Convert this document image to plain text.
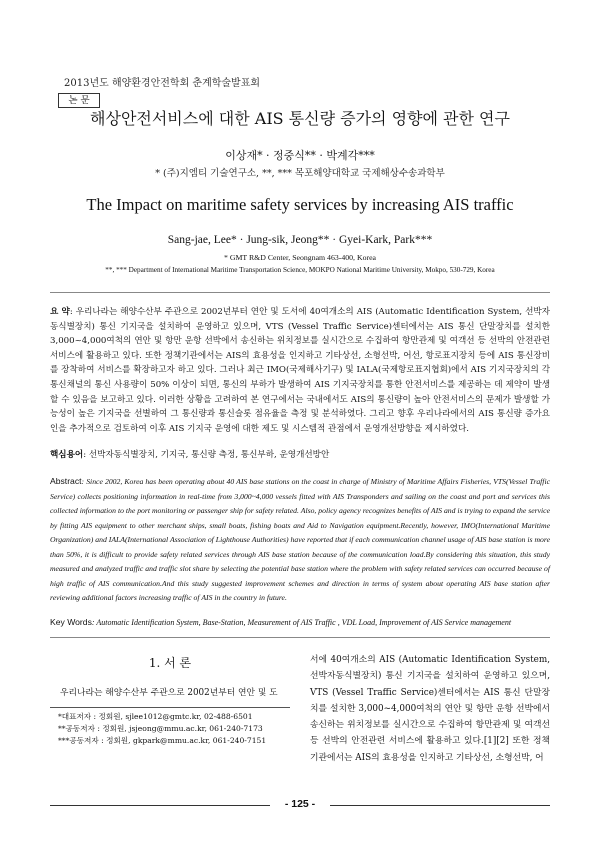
2013년도 해양환경안전학회 춘계학술발표회
논 문
해상안전서비스에 대한 AIS 통신량 증가의 영향에 관한 연구
이상재* · 정중식** · 박계각***
* (주)지엠티 기술연구소, **, *** 목포해양대학교 국제해상수송과학부
The Impact on maritime safety services by increasing AIS traffic
Sang-jae, Lee* · Jung-sik, Jeong** · Gyei-Kark, Park***
* GMT R&D Center, Seongnam 463-400, Korea
**, *** Department of International Maritime Transportation Science, MOKPO National Maritime University, Mokpo, 530-729, Korea
요 약: 우리나라는 해양수산부 주관으로 2002년부터 연안 및 도서에 40여개소의 AIS (Automatic Identification System, 선박자동식별장치) 통신 기지국을 설치하여 운영하고 있으며, VTS (Vessel Traffic Service)센터에서는 AIS 통신 단말장치를 설치한 3,000~4,000여척의 연안 및 항만 운항 선박에서 송신하는 위치정보를 실시간으로 수집하여 항만관제 및 여객선 등 선박의 안전관련 서비스에 활용하고 있다. 또한 정책기관에서는 AIS의 효용성을 인지하고 기타상선, 소형선박, 어선, 항로표지장치 등에 AIS 통신장비를 장착하여 서비스를 확장하고자 하고 있다. 그러나 최근 IMO(국제해사기구) 및 IALA(국제항로표지협회)에서 AIS 기지국장치의 각 통신채널의 통신 사용량이 50% 이상이 되면, 통신의 부하가 발생하여 AIS 기지국장치를 통한 안전서비스를 제공하는 데 제약이 발생할 수 있음을 보고하고 있다. 이러한 상황을 고려하여 본 연구에서는 국내에서도 AIS의 통신량이 높아 안전서비스의 문제가 발생할 가능성이 높은 기지국을 선별하여 그 통신량과 통신슬롯 점유율을 측정 및 분석하였다. 그리고 향후 우리나라에서의 AIS 통신량 증가요인을 추가적으로 검토하여 이후 AIS 기지국 운영에 대한 제도 및 시스템적 관점에서 운영개선방향을 제시하였다.
핵심용어: 선박자동식별장치, 기지국, 통신량 측정, 통신부하, 운영개선방안
Abstract: Since 2002, Korea has been operating about 40 AIS base stations on the coast in charge of Ministry of Maritime Affairs Fisheries, VTS(Vessel Traffic Service) collects positioning information in real-time from 3,000~4,000 vessels fitted with AIS Transponders and sailing on the coast and port and services this collected information to the port monitoring or passenger ship for safety related. Also, policy agency recognizes benefits of AIS and is trying to expand the service by fitting AIS equipment to other merchant ships, small boats, fishing boats and Aid to Navigation equipment.Recently, however, IMO(International Maritime Organization) and IALA(International Association of Lighthouse Authorities) have reported that if each communication channel usage of AIS base station is more than 50%, it is difficult to provide safety related services through AIS base station because of the communication load.By considering this situation, this study measured and analyzed traffic and traffic slot share by selecting the potential base station where the problem with safety related services can occurred because of high traffic of AIS communication.And this study suggested improvement schemes and direction in terms of system about operating AIS base station after reviewing additional factors increasing traffic of AIS in the country in future.
Key Words: Automatic Identification System, Base-Station, Measurement of AIS Traffic , VDL Load, Improvement of AIS Service management
1. 서 론
우리나라는 해양수산부 주관으로 2002년부터 연안 및 도
*대표저자 : 정회원, sjlee1012@gmtc.kr, 02-488-6501
**공동저자 : 정회원, jsjeong@mmu.ac.kr, 061-240-7173
***공동저자 : 정회원, gkpark@mmu.ac.kr, 061-240-7151
서에 40여개소의 AIS (Automatic Identification System, 선박자동식별장치) 통신 기지국을 설치하여 운영하고 있으며, VTS (Vessel Traffic Service)센터에서는 AIS 통신 단말장치를 설치한 3,000~4,000여척의 연안 및 항만 운항 선박에서 송신하는 위치정보를 실시간으로 수집하여 항만관제 및 여객선 등 선박의 안전관련 서비스에 활용하고 있다.[1][2] 또한 정책기관에서는 AIS의 효용성을 인지하고 기타상선, 소형선박, 어
- 125 -
